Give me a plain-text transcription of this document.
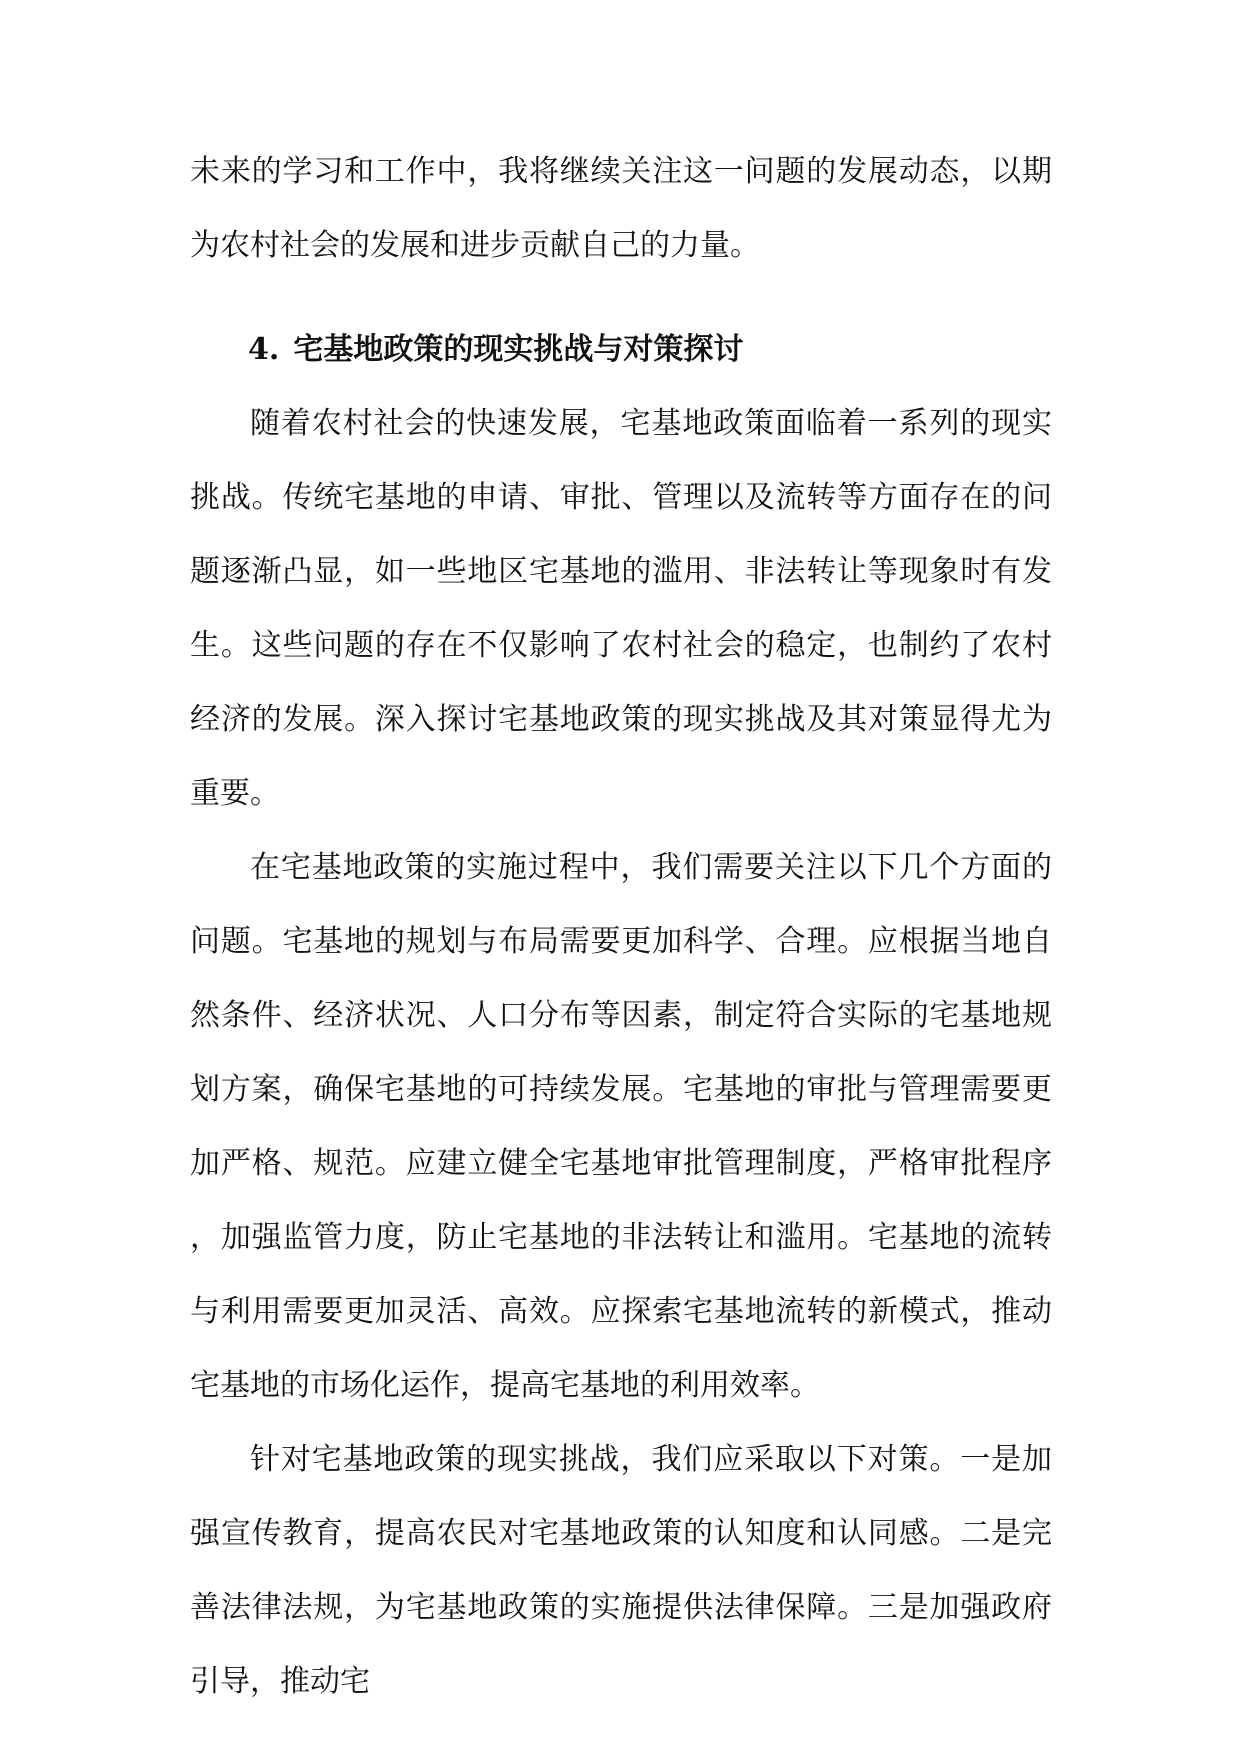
未来的学习和工作中，我将继续关注这一问题的发展动态，以期为农村社会的发展和进步贡献自己的力量。

4. 宅基地政策的现实挑战与对策探讨

随着农村社会的快速发展，宅基地政策面临着一系列的现实挑战。传统宅基地的申请、审批、管理以及流转等方面存在的问题逐渐凸显，如一些地区宅基地的滥用、非法转让等现象时有发生。这些问题的存在不仅影响了农村社会的稳定，也制约了农村经济的发展。深入探讨宅基地政策的现实挑战及其对策显得尤为重要。

在宅基地政策的实施过程中，我们需要关注以下几个方面的问题。宅基地的规划与布局需要更加科学、合理。应根据当地自然条件、经济状况、人口分布等因素，制定符合实际的宅基地规划方案，确保宅基地的可持续发展。宅基地的审批与管理需要更加严格、规范。应建立健全宅基地审批管理制度，严格审批程序，加强监管力度，防止宅基地的非法转让和滥用。宅基地的流转与利用需要更加灵活、高效。应探索宅基地流转的新模式，推动宅基地的市场化运作，提高宅基地的利用效率。

针对宅基地政策的现实挑战，我们应采取以下对策。一是加强宣传教育，提高农民对宅基地政策的认知度和认同感。二是完善法律法规，为宅基地政策的实施提供法律保障。三是加强政府引导，推动宅
